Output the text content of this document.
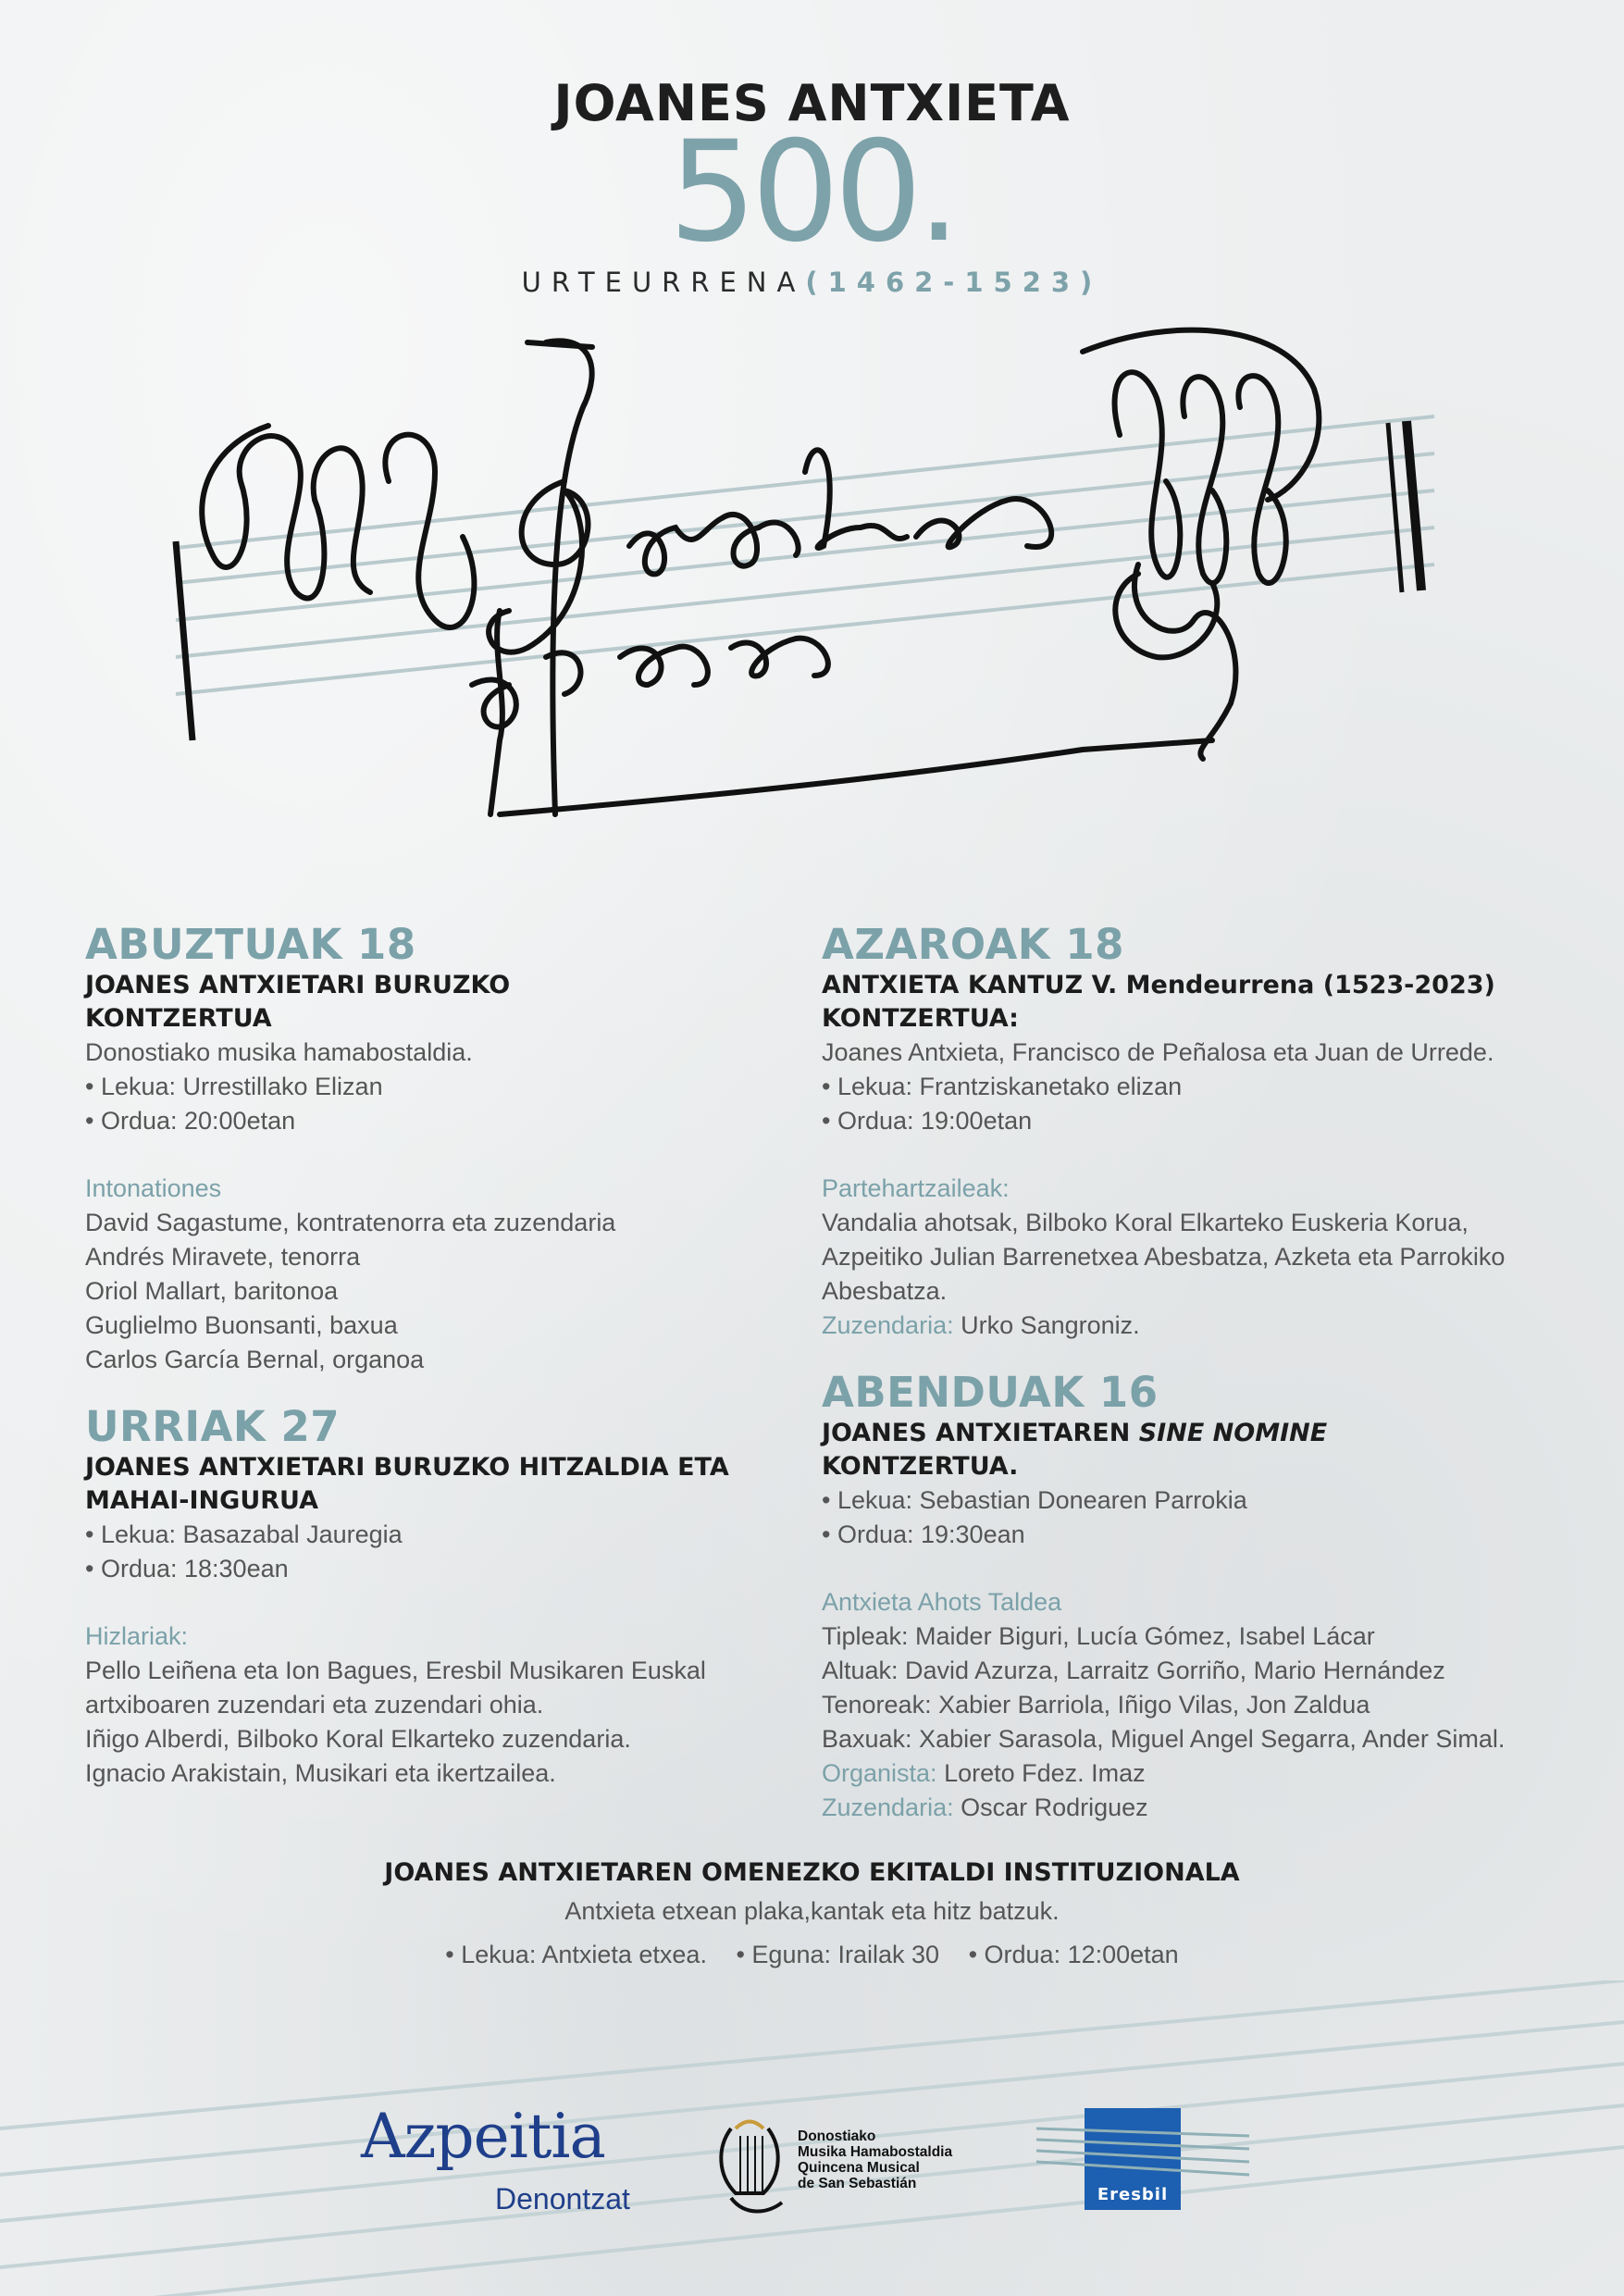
JOANES ANTXIETA
500.
URTEURRENA(1462-1523)
ABUZTUAK 18

JOANES ANTXIETARI BURUZKO

KONTZERTUA

Donostiako musika hamabostaldia.

• Lekua: Urrestillako Elizan

• Ordua: 20:00etan

Intonationes

David Sagastume, kontratenorra eta zuzendaria

Andrés Miravete, tenorra

Oriol Mallart, baritonoa

Guglielmo Buonsanti, baxua

Carlos García Bernal, organoa

URRIAK 27

JOANES ANTXIETARI BURUZKO HITZALDIA ETA

MAHAI-INGURUA

• Lekua: Basazabal Jauregia

• Ordua: 18:30ean

Hizlariak:

Pello Leiñena eta Ion Bagues, Eresbil Musikaren Euskal

artxiboaren zuzendari eta zuzendari ohia.

Iñigo Alberdi, Bilboko Koral Elkarteko zuzendaria.

Ignacio Arakistain, Musikari eta ikertzailea.

AZAROAK 18

ANTXIETA KANTUZ V. Mendeurrena (1523-2023)

KONTZERTUA:

Joanes Antxieta, Francisco de Peñalosa eta Juan de Urrede.

• Lekua: Frantziskanetako elizan

• Ordua: 19:00etan

Partehartzaileak:

Vandalia ahotsak, Bilboko Koral Elkarteko Euskeria Korua,

Azpeitiko Julian Barrenetxea Abesbatza, Azketa eta Parrokiko

Abesbatza.

Zuzendaria: Urko Sangroniz.

ABENDUAK 16

JOANES ANTXIETAREN SINE NOMINE

KONTZERTUA.

• Lekua: Sebastian Donearen Parrokia

• Ordua: 19:30ean

Antxieta Ahots Taldea

Tipleak: Maider Biguri, Lucía Gómez, Isabel Lácar

Altuak: David Azurza, Larraitz Gorriño, Mario Hernández

Tenoreak: Xabier Barriola, Iñigo Vilas, Jon Zaldua

Baxuak: Xabier Sarasola, Miguel Angel Segarra, Ander Simal.

Organista: Loreto Fdez. Imaz

Zuzendaria: Oscar Rodriguez

JOANES ANTXIETAREN OMENEZKO EKITALDI INSTITUZIONALA
Antxieta etxean plaka,kantak eta hitz batzuk.
• Lekua: Antxieta etxea. • Eguna: Irailak 30 • Ordua: 12:00etan
Azpeitia
Denontzat
Donostiako
Musika Hamabostaldia
Quincena Musical
de San Sebastián
Eresbil
